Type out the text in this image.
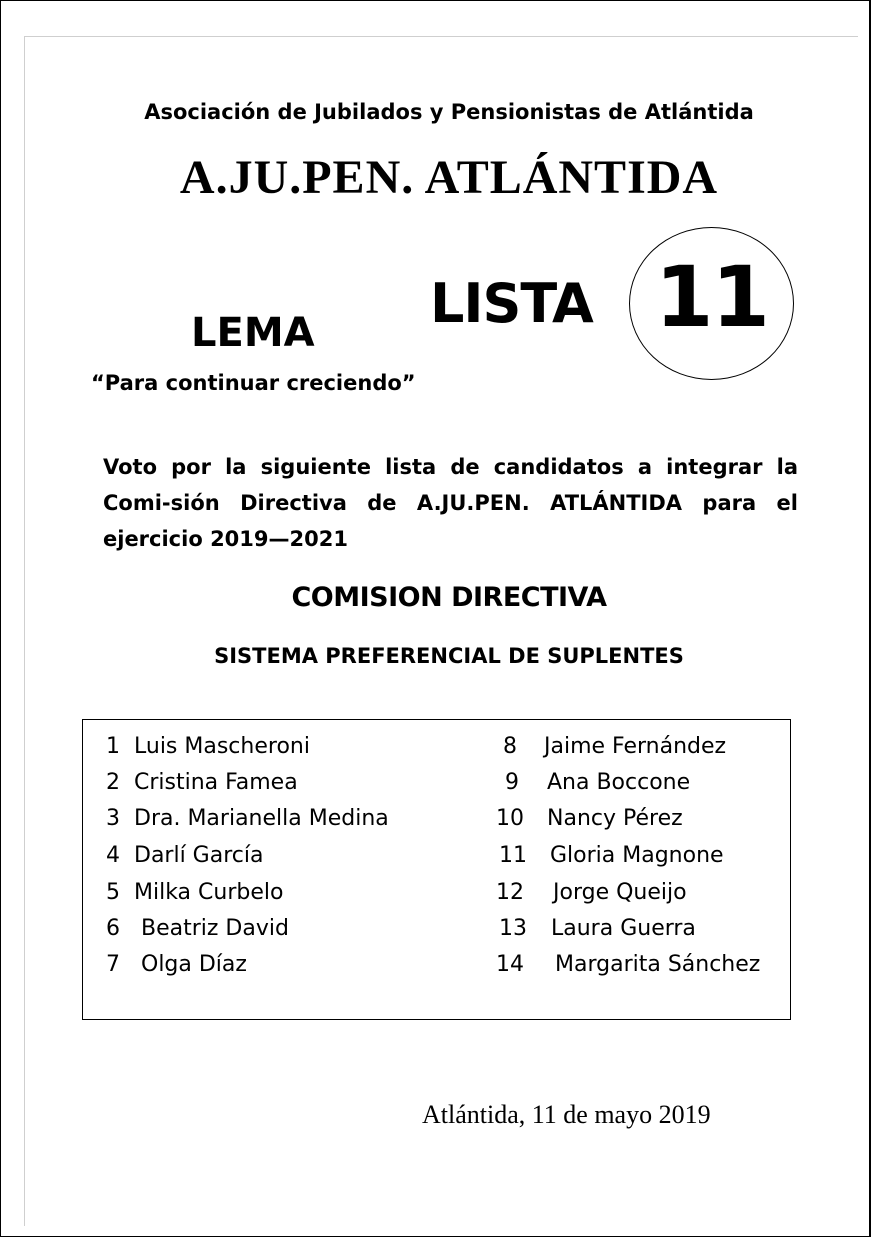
Asociación de Jubilados y Pensionistas de Atlántida
A.JU.PEN. ATLÁNTIDA
LISTA 11
LEMA
“Para continuar creciendo”
Voto por la siguiente lista de candidatos a integrar la Comi-sión Directiva de A.JU.PEN. ATLÁNTIDA para el ejercicio 2019—2021
COMISION DIRECTIVA
SISTEMA PREFERENCIAL DE SUPLENTES
1 Luis Mascheroni
2 Cristina Famea
3 Dra. Marianella Medina
4 Darlí García
5 Milka Curbelo
6 Beatriz David
7 Olga Díaz
8 Jaime Fernández
9 Ana Boccone
10 Nancy Pérez
11 Gloria Magnone
12 Jorge Queijo
13 Laura Guerra
14 Margarita Sánchez
Atlántida, 11 de mayo 2019
